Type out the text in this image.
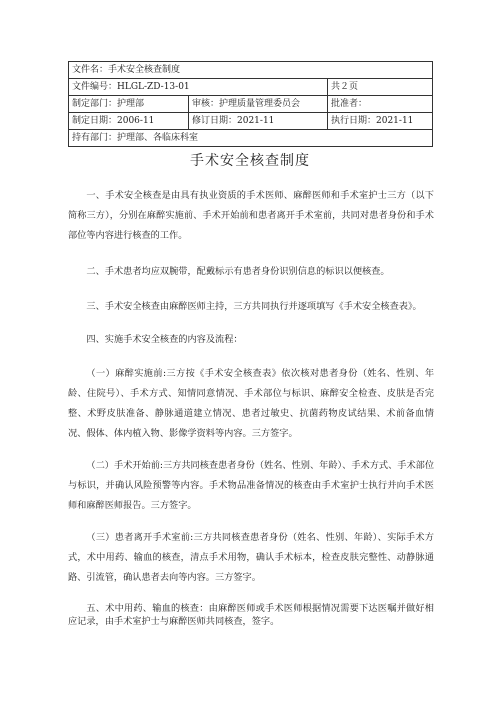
文件名：手术安全核查制度		
文件编号：HLGL-ZD-13-01		共２页
制定部门：护理部	审核：护理质量管理委员会	批准者：
制定日期：2006-11	修订日期：2021-11	执行日期：2021-11
持有部门：护理部、各临床科室		
手术安全核查制度

一、手术安全核查是由具有执业资质的手术医师、麻醉医师和手术室护士三方（以下简称三方），分别在麻醉实施前、手术开始前和患者离开手术室前，共同对患者身份和手术部位等内容进行核查的工作。

二、手术患者均应双腕带，配戴标示有患者身份识别信息的标识以便核查。

三、手术安全核查由麻醉医师主持，三方共同执行并逐项填写《手术安全核查表》。

四、实施手术安全核查的内容及流程：

（一）麻醉实施前:三方按《手术安全核查表》依次核对患者身份（姓名、性别、年龄、住院号）、手术方式、知情同意情况、手术部位与标识、麻醉安全检查、皮肤是否完整、术野皮肤准备、静脉通道建立情况、患者过敏史、抗菌药物皮试结果、术前备血情况、假体、体内植入物、影像学资料等内容。三方签字。

（二）手术开始前:三方共同核查患者身份（姓名、性别、年龄）、手术方式、手术部位与标识，并确认风险预警等内容。手术物品准备情况的核查由手术室护士执行并向手术医师和麻醉医师报告。三方签字。

（三）患者离开手术室前:三方共同核查患者身份（姓名、性别、年龄）、实际手术方式，术中用药、输血的核查，清点手术用物，确认手术标本，检查皮肤完整性、动静脉通路、引流管，确认患者去向等内容。三方签字。

五、术中用药、输血的核查：由麻醉医师或手术医师根据情况需要下达医嘱并做好相应记录，由手术室护士与麻醉医师共同核查，签字。
